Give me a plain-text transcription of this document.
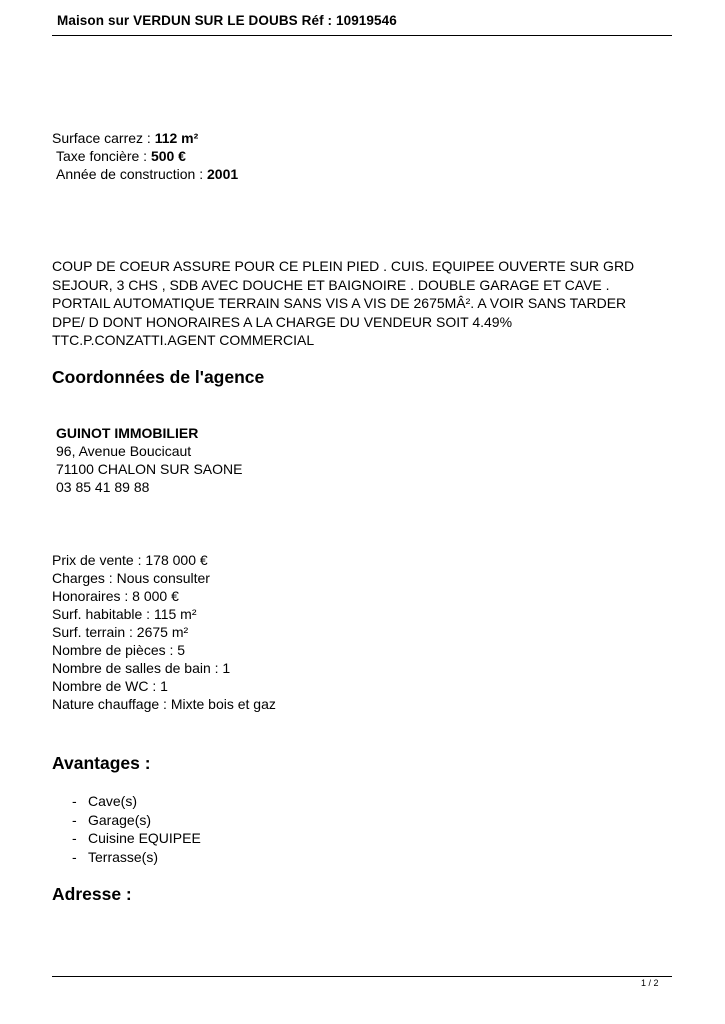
Maison sur VERDUN SUR LE DOUBS Réf : 10919546
Surface carrez : 112 m²
Taxe foncière : 500 €
Année de construction : 2001
COUP DE COEUR ASSURE POUR CE PLEIN PIED . CUIS. EQUIPEE OUVERTE SUR GRD
SEJOUR, 3 CHS , SDB AVEC DOUCHE ET BAIGNOIRE . DOUBLE GARAGE ET CAVE .
PORTAIL AUTOMATIQUE TERRAIN SANS VIS A VIS DE 2675MÂ². A VOIR SANS TARDER
DPE/ D DONT HONORAIRES A LA CHARGE DU VENDEUR SOIT 4.49%
TTC.P.CONZATTI.AGENT COMMERCIAL
Coordonnées de l'agence
GUINOT IMMOBILIER
96, Avenue Boucicaut
71100 CHALON SUR SAONE
03 85 41 89 88
Prix de vente : 178 000 €
Charges : Nous consulter
Honoraires : 8 000 €
Surf. habitable : 115 m²
Surf. terrain : 2675 m²
Nombre de pièces : 5
Nombre de salles de bain : 1
Nombre de WC : 1
Nature chauffage : Mixte bois et gaz
Avantages :
- Cave(s)
- Garage(s)
- Cuisine EQUIPEE
- Terrasse(s)
Adresse :
1 / 2
